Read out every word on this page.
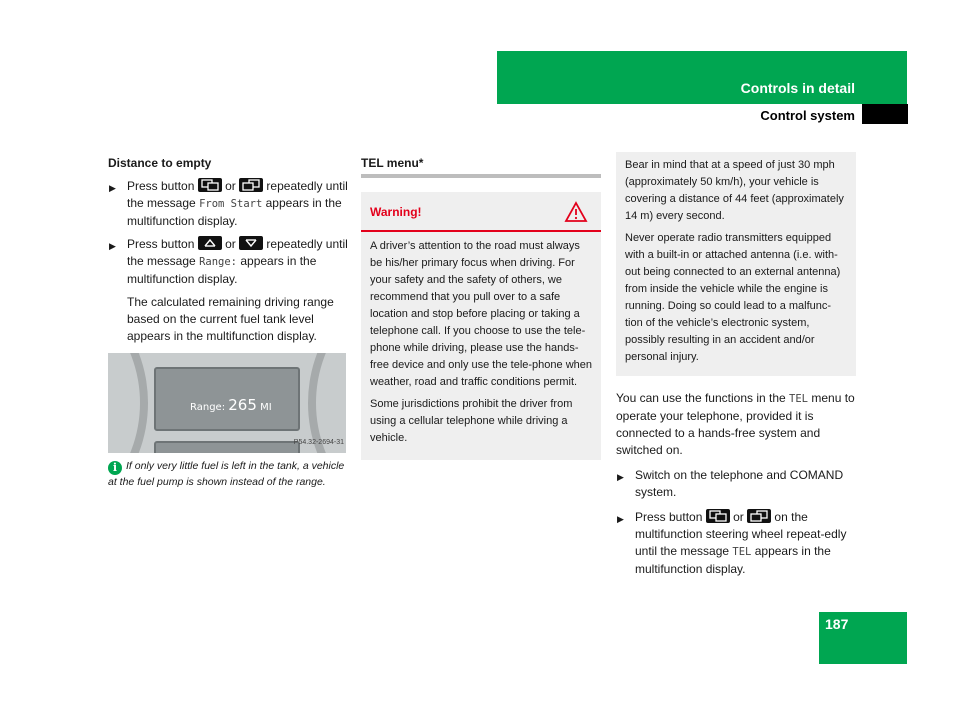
Controls in detail
Control system
Distance to empty
▶ Press button	or	repeatedly until the message From Start appears in the multifunction display.
▶ Press button	or	repeatedly until the message Range: appears in the multifunction display.
The calculated remaining driving range based on the current fuel tank level appears in the multifunction display.
Range: 265 MI
P54.32-2694-31
i If only very little fuel is left in the tank, a vehicle at the fuel pump is shown instead of the range.
TEL menu*
Warning!

A driver’s attention to the road must always be his/her primary focus when driving. For your safety and the safety of others, we recommend that you pull over to a safe location and stop before placing or taking a telephone call. If you choose to use the tele-phone while driving, please use the hands-free device and only use the tele-phone when weather, road and traffic conditions permit.

Some jurisdictions prohibit the driver from using a cellular telephone while driving a vehicle.

Bear in mind that at a speed of just 30 mph (approximately 50 km/h), your vehicle is covering a distance of 44 feet (approximately 14 m) every second.

Never operate radio transmitters equipped with a built-in or attached antenna (i.e. with-out being connected to an external antenna) from inside the vehicle while the engine is running. Doing so could lead to a malfunc-tion of the vehicle’s electronic system, possibly resulting in an accident and/or personal injury.

You can use the functions in the TEL menu to operate your telephone, provided it is connected to a hands-free system and switched on.
▶ Switch on the telephone and COMAND system.
▶ Press button	or	on the multifunction steering wheel repeat-edly until the message TEL appears in the multifunction display.
187
